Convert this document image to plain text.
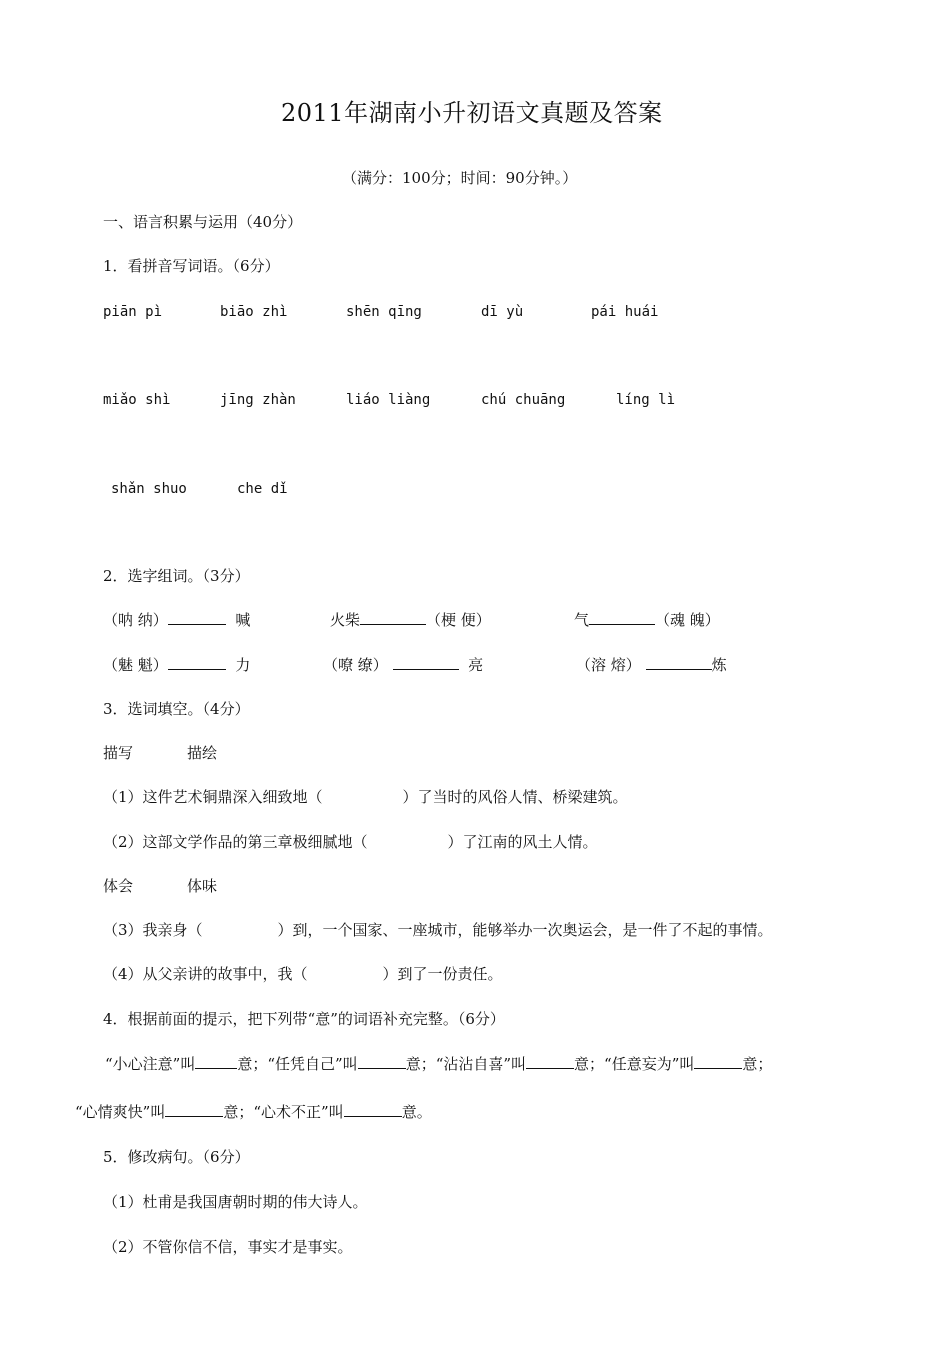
2011年湖南小升初语文真题及答案
（满分：100分；时间：90分钟。）
一、语言积累与运用（40分）
1．看拼音写词语。（6分）
piān pì	biāo zhì	shēn qīng	dī yù	pái huái
miǎo shì	jīng zhàn	liáo liàng	chú chuāng	líng lì
shǎn shuo	che dǐ
2．选字组词。（3分）
（呐 纳）	喊	火柴	（梗 便）	气	（魂 魄）
（魅 魁）	力	（嘹 缭）	亮	（溶 熔）	炼
3．选词填空。（4分）
描写	描绘
（1）这件艺术铜鼎深入细致地（	）了当时的风俗人情、桥梁建筑。
（2）这部文学作品的第三章极细腻地（	）了江南的风土人情。
体会	体味
（3）我亲身（	）到，一个国家、一座城市，能够举办一次奥运会，是一件了不起的事情。
（4）从父亲讲的故事中，我（	）到了一份责任。
4．根据前面的提示，把下列带“意”的词语补充完整。（6分）
“小心注意”叫	意；“任凭自己”叫	意；“沾沾自喜”叫	意；“任意妄为”叫	意；
“心情爽快”叫	意；“心术不正”叫	意。
5．修改病句。（6分）
（1）杜甫是我国唐朝时期的伟大诗人。
（2）不管你信不信，事实才是事实。
